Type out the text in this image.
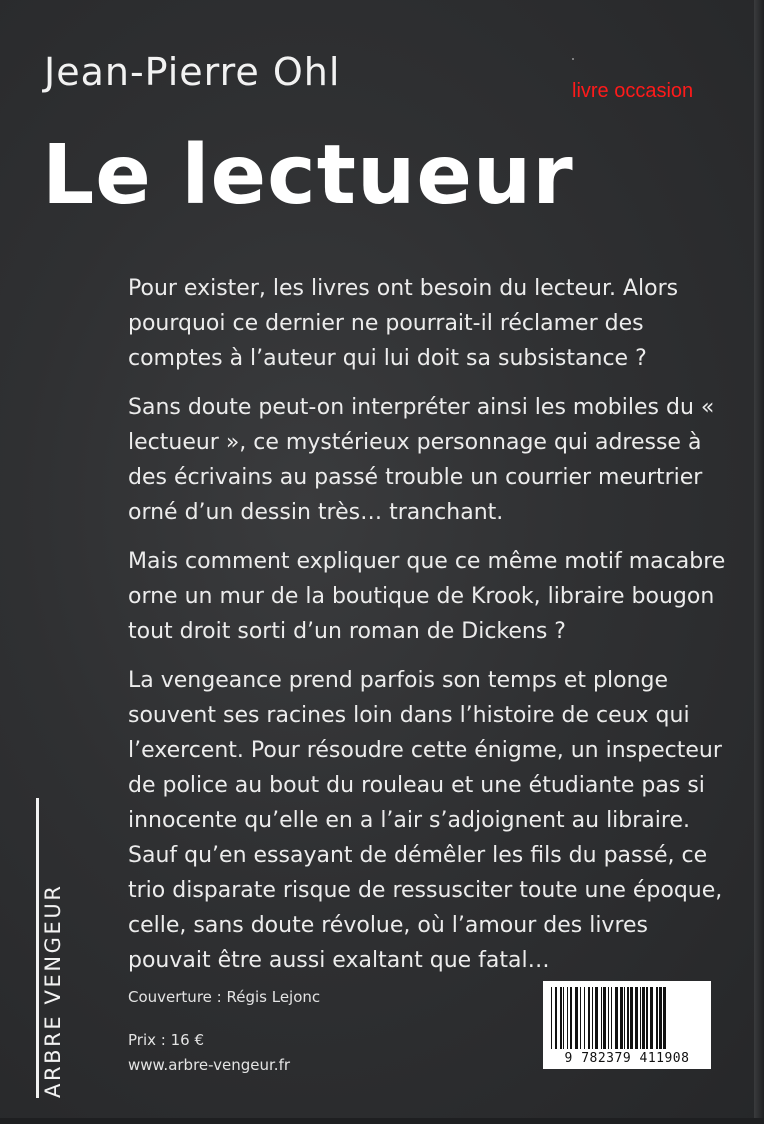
Jean-Pierre Ohl	livre occasion
Le lectueur

Pour exister, les livres ont besoin du lecteur. Alors pourquoi ce dernier ne pourrait-il réclamer des comptes à l’auteur qui lui doit sa subsistance ?

Sans doute peut-on interpréter ainsi les mobiles du « lectueur », ce mystérieux personnage qui adresse à des écrivains au passé trouble un courrier meurtrier orné d’un dessin très… tranchant.

Mais comment expliquer que ce même motif macabre orne un mur de la boutique de Krook, libraire bougon tout droit sorti d’un roman de Dickens ?

La vengeance prend parfois son temps et plonge souvent ses racines loin dans l’histoire de ceux qui l’exercent. Pour résoudre cette énigme, un inspecteur de police au bout du rouleau et une étudiante pas si innocente qu’elle en a l’air s’adjoignent au libraire. Sauf qu’en essayant de démêler les fils du passé, ce trio disparate risque de ressusciter toute une époque, celle, sans doute révolue, où l’amour des livres pouvait être aussi exaltant que fatal…

Couverture : Régis Lejonc
Prix : 16 €
www.arbre-vengeur.fr
ARBRE VENGEUR	9 782379 411908
